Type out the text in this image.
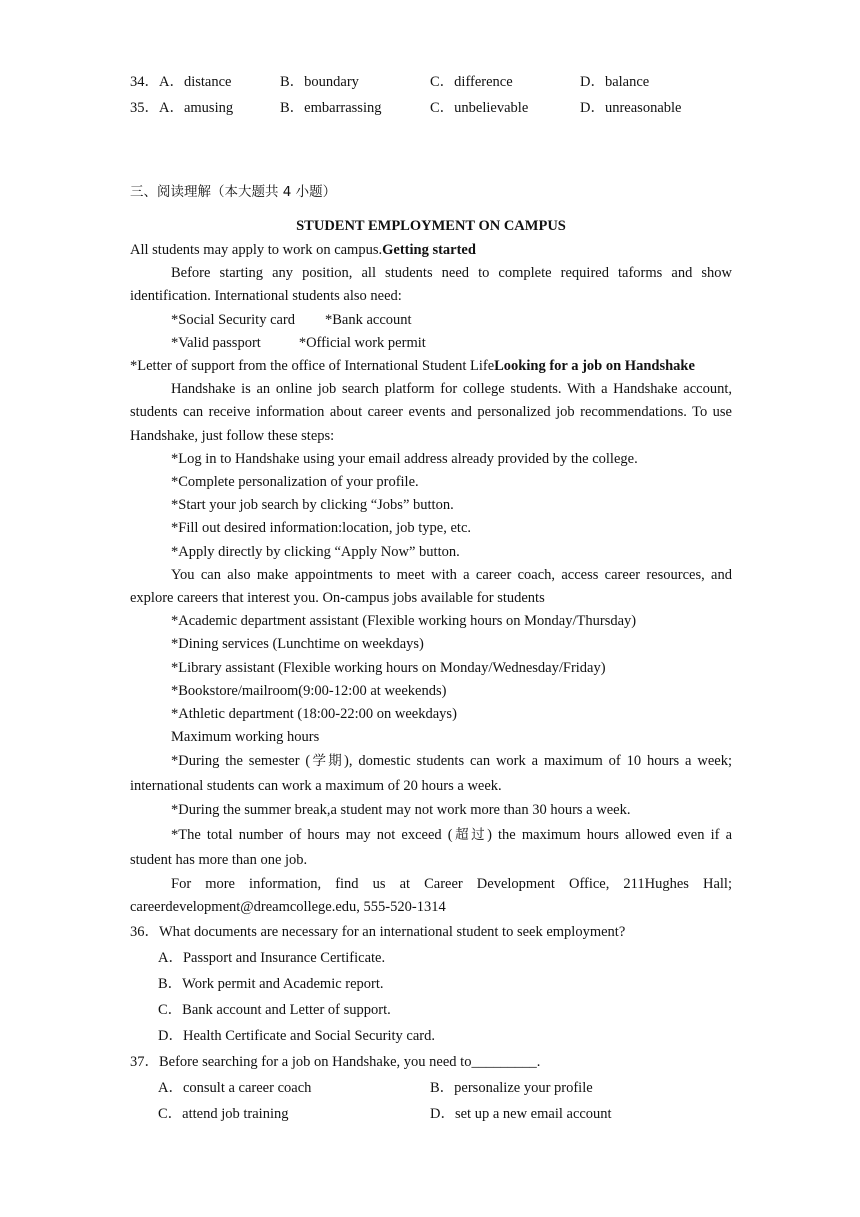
34．A．distance	B．boundary	C．difference	D．balance
35．A．amusing	B．embarrassing	C．unbelievable	D．unreasonable
三、阅读理解（本大题共 4 小题）
STUDENT EMPLOYMENT ON CAMPUS

All students may apply to work on campus.Getting started

Before starting any position, all students need to complete required taforms and show identification. International students also need:

*Social Security card *Bank account

*Valid passport	*Official work permit

*Letter of support from the office of International Student LifeLooking for a job on Handshake

Handshake is an online job search platform for college students. With a Handshake account, students can receive information about career events and personalized job recommendations. To use Handshake, just follow these steps:

*Log in to Handshake using your email address already provided by the college.

*Complete personalization of your profile.

*Start your job search by clicking “Jobs” button.

*Fill out desired information:location, job type, etc.

*Apply directly by clicking “Apply Now” button.

You can also make appointments to meet with a career coach, access career resources, and explore careers that interest you. On-campus jobs available for students

*Academic department assistant (Flexible working hours on Monday/Thursday)

*Dining services (Lunchtime on weekdays)

*Library assistant (Flexible working hours on Monday/Wednesday/Friday)

*Bookstore/mailroom(9:00-12:00 at weekends)

*Athletic department (18:00-22:00 on weekdays)

Maximum working hours

*During the semester (学期), domestic students can work a maximum of 10 hours a week; international students can work a maximum of 20 hours a week.

*During the summer break,a student may not work more than 30 hours a week.

*The total number of hours may not exceed (超过) the maximum hours allowed even if a student has more than one job.

For more information, find us at Career Development Office, 211Hughes Hall; careerdevelopment@dreamcollege.edu, 555-520-1314

36．What documents are necessary for an international student to seek employment?
A．Passport and Insurance Certificate.
B．Work permit and Academic report.
C．Bank account and Letter of support.
D．Health Certificate and Social Security card.
37．Before searching for a job on Handshake, you need to_________.
A．consult a career coach	B．personalize your profile
C．attend job training	D．set up a new email account
